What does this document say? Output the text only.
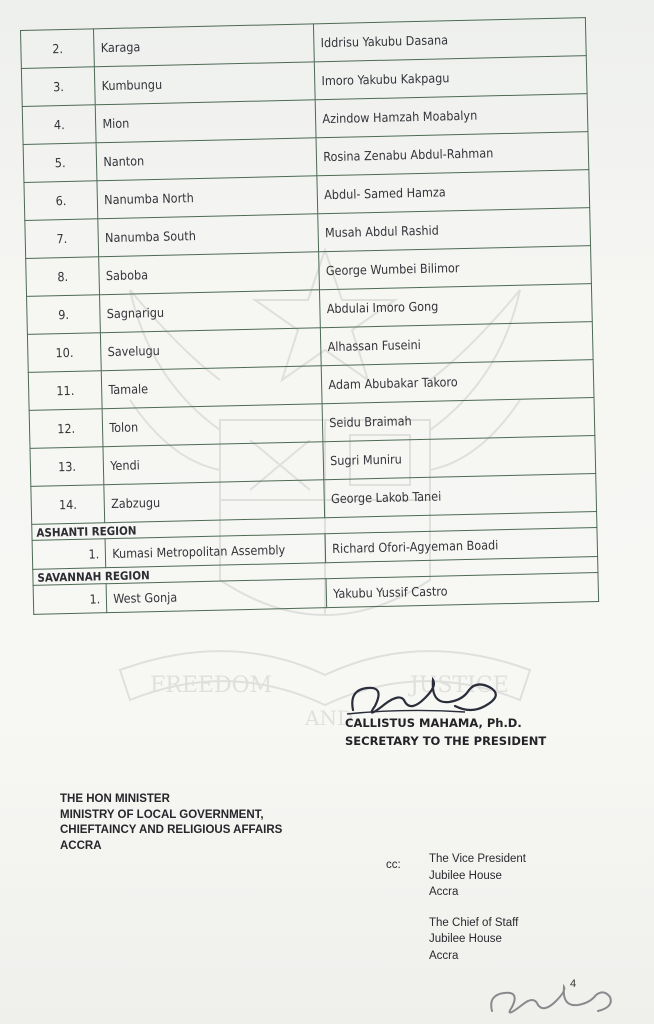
FREEDOM
AND
JUSTICE
2.	Karaga	Iddrisu Yakubu Dasana
3.	Kumbungu	Imoro Yakubu Kakpagu
4.	Mion	Azindow Hamzah Moabalyn
5.	Nanton	Rosina Zenabu Abdul-Rahman
6.	Nanumba North	Abdul- Samed Hamza
7.	Nanumba South	Musah Abdul Rashid
8.	Saboba	George Wumbei Bilimor
9.	Sagnarigu	Abdulai Imoro Gong
10.	Savelugu	Alhassan Fuseini
11.	Tamale	Adam Abubakar Takoro
12.	Tolon	Seidu Braimah
13.	Yendi	Sugri Muniru
14.	Zabzugu	George Lakob Tanei
ASHANTI REGION		
1.	Kumasi Metropolitan Assembly	Richard Ofori-Agyeman Boadi
SAVANNAH REGION		
1.	West Gonja	Yakubu Yussif Castro
CALLISTUS MAHAMA, Ph.D.
SECRETARY TO THE PRESIDENT
THE HON MINISTER
MINISTRY OF LOCAL GOVERNMENT,
CHIEFTAINCY AND RELIGIOUS AFFAIRS
ACCRA
cc: The Vice President
Jubilee House
Accra
The Chief of Staff
Jubilee House
Accra
4
